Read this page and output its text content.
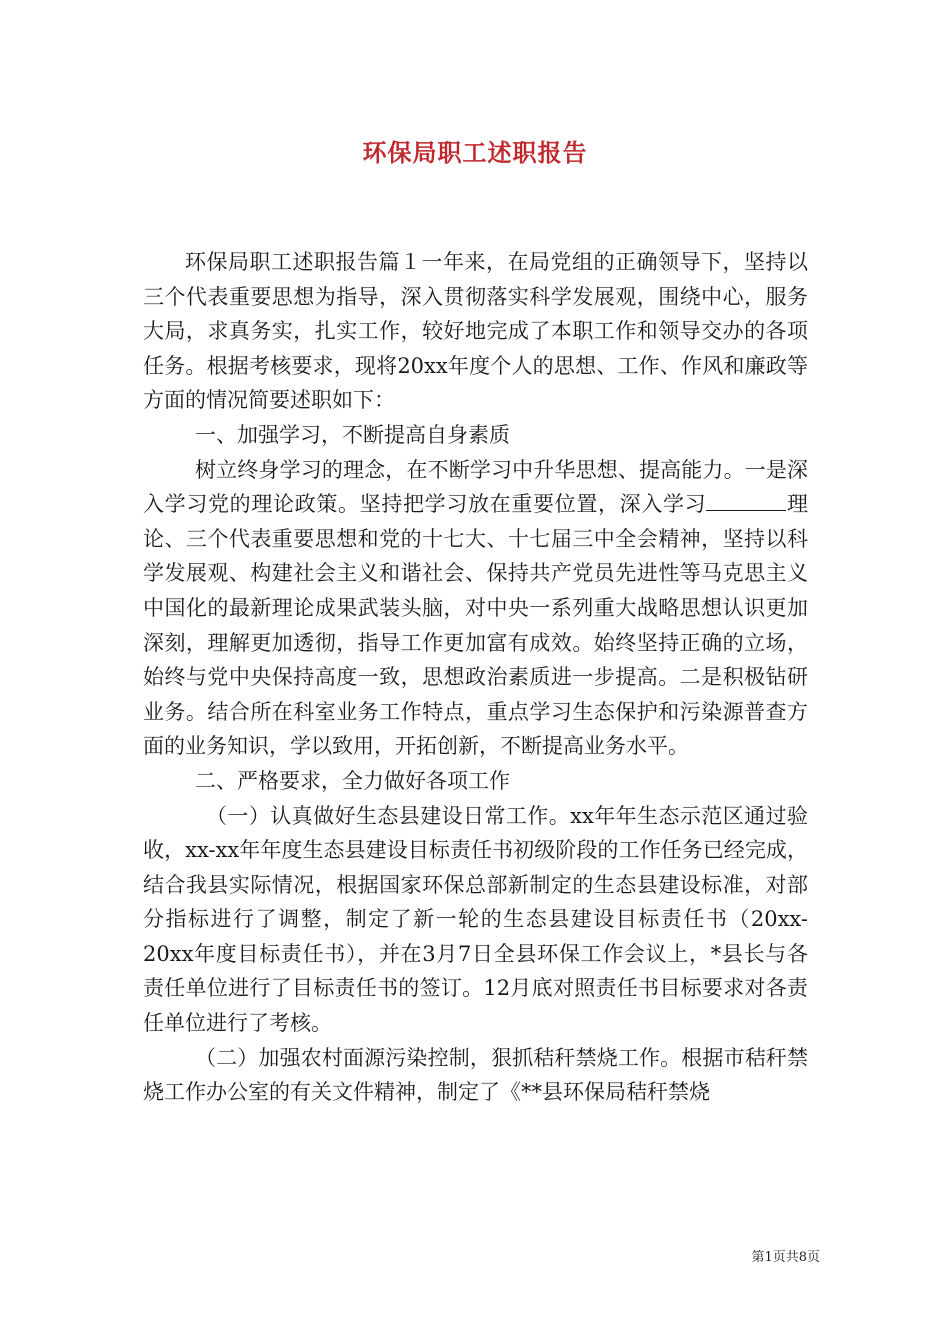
环保局职工述职报告

环保局职工述职报告篇１一年来，在局党组的正确领导下，坚持以三个代表重要思想为指导，深入贯彻落实科学发展观，围绕中心，服务大局，求真务实，扎实工作，较好地完成了本职工作和领导交办的各项任务。根据考核要求，现将20xx年度个人的思想、工作、作风和廉政等方面的情况简要述职如下：

一、加强学习，不断提高自身素质

树立终身学习的理念，在不断学习中升华思想、提高能力。一是深入学习党的理论政策。坚持把学习放在重要位置，深入学习	理论、三个代表重要思想和党的十七大、十七届三中全会精神，坚持以科学发展观、构建社会主义和谐社会、保持共产党员先进性等马克思主义中国化的最新理论成果武装头脑，对中央一系列重大战略思想认识更加深刻，理解更加透彻，指导工作更加富有成效。始终坚持正确的立场，始终与党中央保持高度一致，思想政治素质进一步提高。二是积极钻研业务。结合所在科室业务工作特点，重点学习生态保护和污染源普查方面的业务知识，学以致用，开拓创新，不断提高业务水平。

二、严格要求，全力做好各项工作

（一）认真做好生态县建设日常工作。xx年年生态示范区通过验收，xx-xx年年度生态县建设目标责任书初级阶段的工作任务已经完成，结合我县实际情况，根据国家环保总部新制定的生态县建设标准，对部分指标进行了调整，制定了新一轮的生态县建设目标责任书（20xx-20xx年度目标责任书），并在3月7日全县环保工作会议上，*县长与各责任单位进行了目标责任书的签订。12月底对照责任书目标要求对各责任单位进行了考核。

（二）加强农村面源污染控制，狠抓秸秆禁烧工作。根据市秸秆禁烧工作办公室的有关文件精神，制定了《**县环保局秸秆禁烧

第1页共8页
